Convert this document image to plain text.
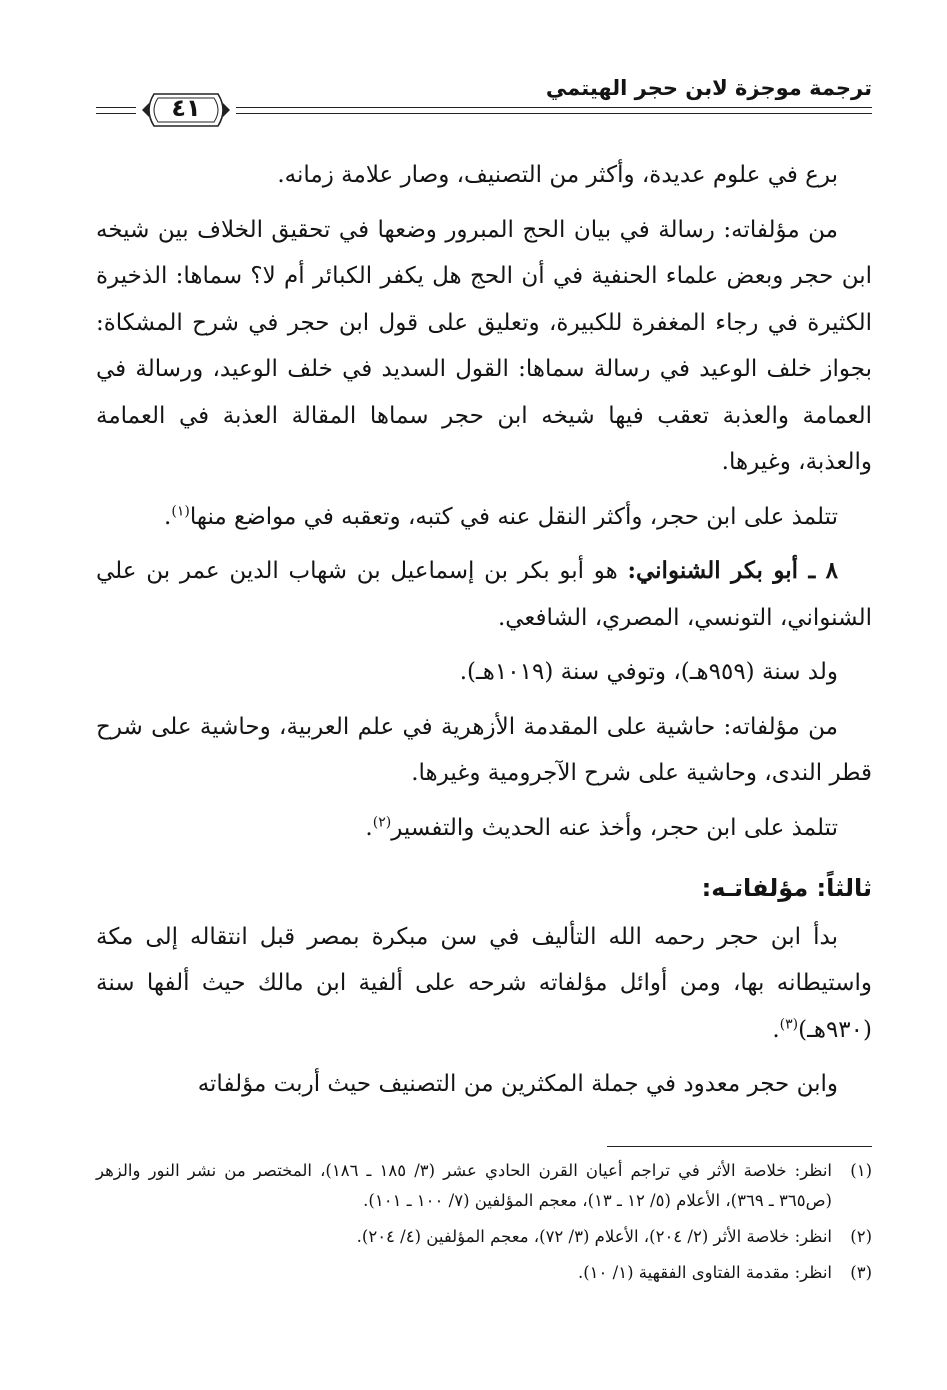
ترجمة موجزة لابن حجر الهيتمي
٤١

برع في علوم عديدة، وأكثر من التصنيف، وصار علامة زمانه.

من مؤلفاته: رسالة في بيان الحج المبرور وضعها في تحقيق الخلاف بين شيخه ابن حجر وبعض علماء الحنفية في أن الحج هل يكفر الكبائر أم لا؟ سماها: الذخيرة الكثيرة في رجاء المغفرة للكبيرة، وتعليق على قول ابن حجر في شرح المشكاة: بجواز خلف الوعيد في رسالة سماها: القول السديد في خلف الوعيد، ورسالة في العمامة والعذبة تعقب فيها شيخه ابن حجر سماها المقالة العذبة في العمامة والعذبة، وغيرها.

تتلمذ على ابن حجر، وأكثر النقل عنه في كتبه، وتعقبه في مواضع منها$^{(١)}$.

٨ ـ أبو بكر الشنواني: هو أبو بكر بن إسماعيل بن شهاب الدين عمر بن علي الشنواني، التونسي، المصري، الشافعي.

ولد سنة (٩٥٩هـ)، وتوفي سنة (١٠١٩هـ).

من مؤلفاته: حاشية على المقدمة الأزهرية في علم العربية، وحاشية على شرح قطر الندى، وحاشية على شرح الآجرومية وغيرها.

تتلمذ على ابن حجر، وأخذ عنه الحديث والتفسير$^{(٢)}$.

ثالثاً: مؤلفاتـه:

بدأ ابن حجر رحمه الله التأليف في سن مبكرة بمصر قبل انتقاله إلى مكة واستيطانه بها، ومن أوائل مؤلفاته شرحه على ألفية ابن مالك حيث ألفها سنة (٩٣٠هـ)$^{(٣)}$.

وابن حجر معدود في جملة المكثرين من التصنيف حيث أربت مؤلفاته

(١)
انظر: خلاصة الأثر في تراجم أعيان القرن الحادي عشر (٣/ ١٨٥ ـ ١٨٦)، المختصر من نشر النور والزهر (ص٣٦٥ ـ ٣٦٩)، الأعلام (٥/ ١٢ ـ ١٣)، معجم المؤلفين (٧/ ١٠٠ ـ ١٠١).
(٢)
انظر: خلاصة الأثر (٢/ ٢٠٤)، الأعلام (٣/ ٧٢)، معجم المؤلفين (٤/ ٢٠٤).
(٣)
انظر: مقدمة الفتاوى الفقهية (١/ ١٠).
